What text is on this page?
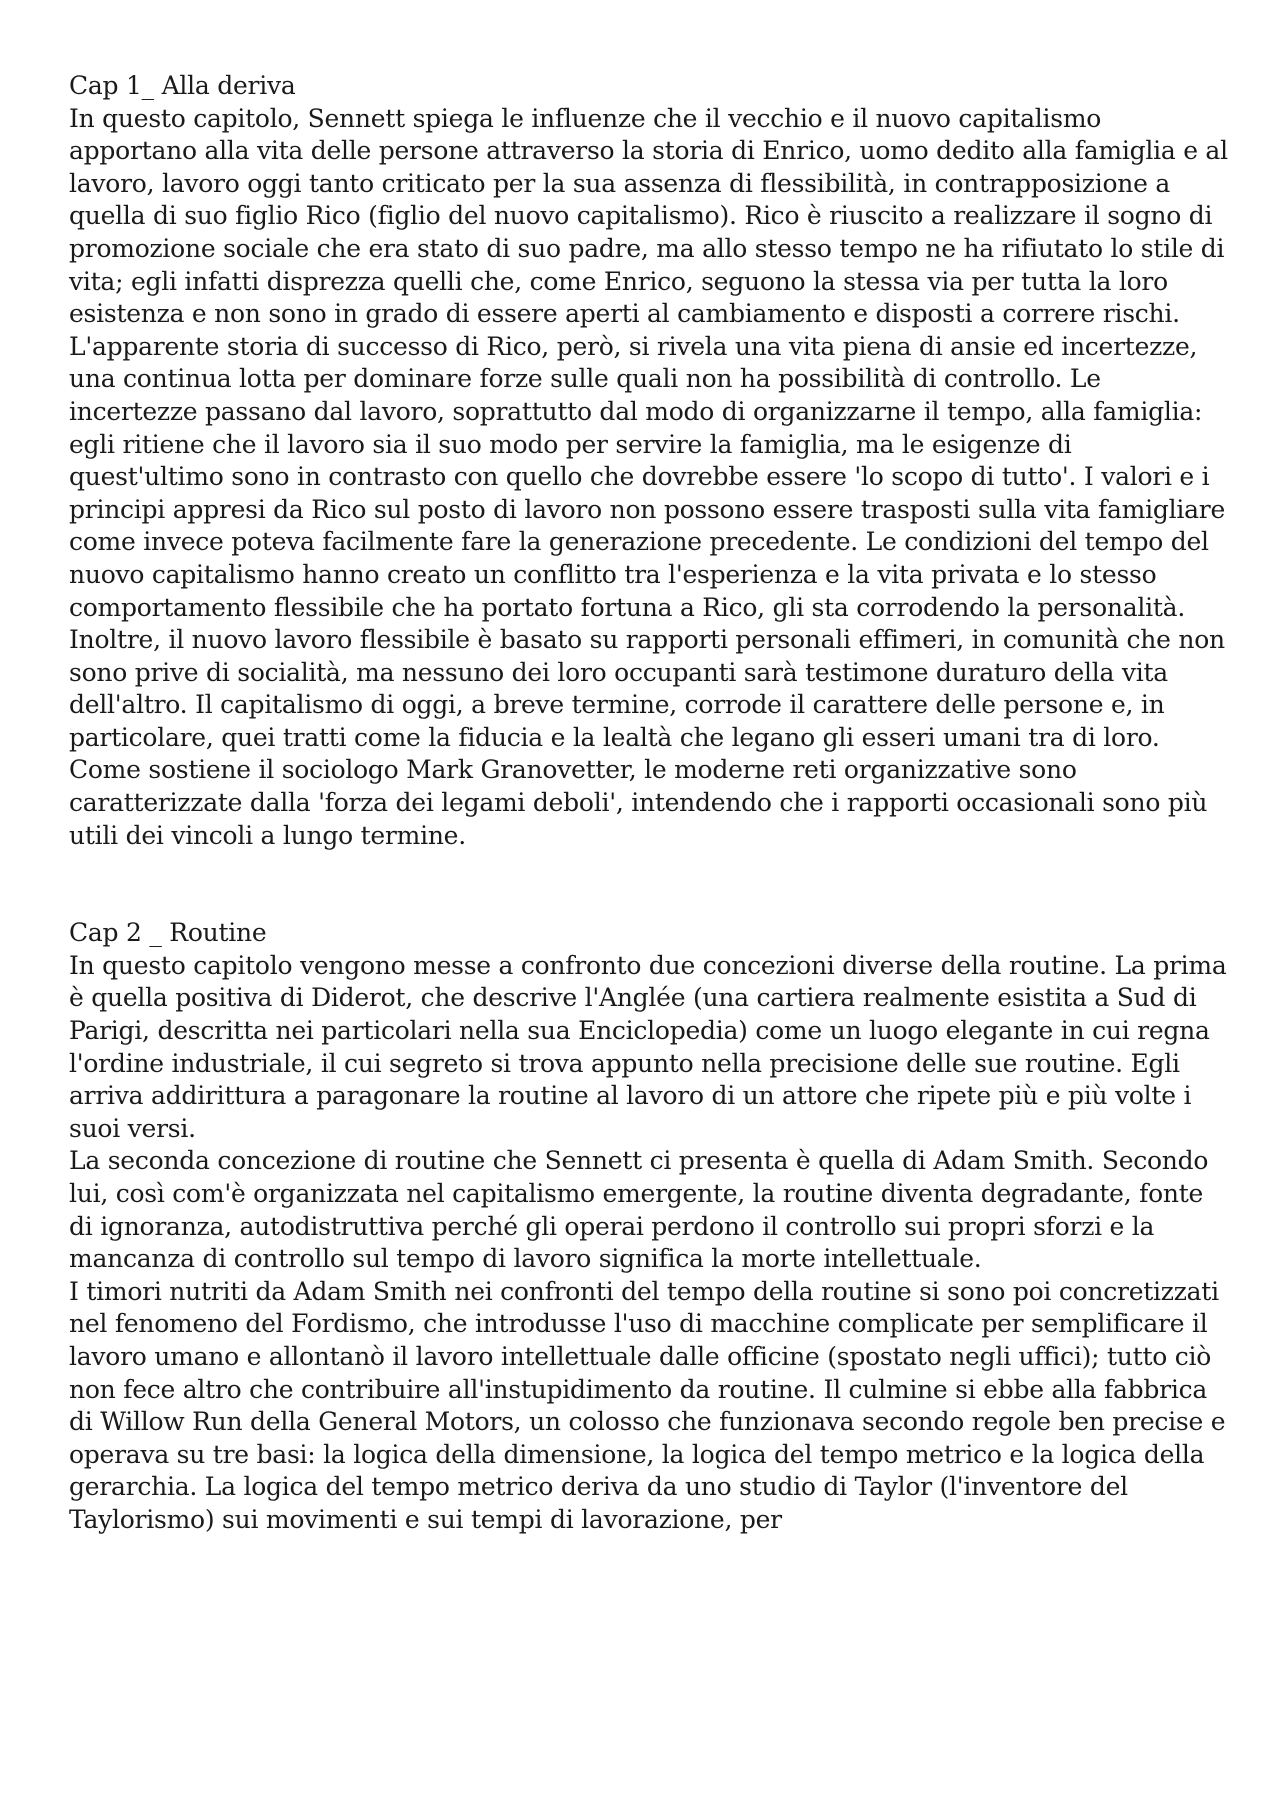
Cap 1_ Alla deriva
In questo capitolo, Sennett spiega le influenze che il vecchio e il nuovo capitalismo apportano alla vita delle persone attraverso la storia di Enrico, uomo dedito alla famiglia e al lavoro, lavoro oggi tanto criticato per la sua assenza di flessibilità, in contrapposizione a quella di suo figlio Rico (figlio del nuovo capitalismo). Rico è riuscito a realizzare il sogno di promozione sociale che era stato di suo padre, ma allo stesso tempo ne ha rifiutato lo stile di vita; egli infatti disprezza quelli che, come Enrico, seguono la stessa via per tutta la loro esistenza e non sono in grado di essere aperti al cambiamento e disposti a correre rischi. L'apparente storia di successo di Rico, però, si rivela una vita piena di ansie ed incertezze, una continua lotta per dominare forze sulle quali non ha possibilità di controllo. Le incertezze passano dal lavoro, soprattutto dal modo di organizzarne il tempo, alla famiglia: egli ritiene che il lavoro sia il suo modo per servire la famiglia, ma le esigenze di quest'ultimo sono in contrasto con quello che dovrebbe essere 'lo scopo di tutto'. I valori e i principi appresi da Rico sul posto di lavoro non possono essere trasposti sulla vita famigliare come invece poteva facilmente fare la generazione precedente. Le condizioni del tempo del nuovo capitalismo hanno creato un conflitto tra l'esperienza e la vita privata e lo stesso comportamento flessibile che ha portato fortuna a Rico, gli sta corrodendo la personalità. Inoltre, il nuovo lavoro flessibile è basato su rapporti personali effimeri, in comunità che non sono prive di socialità, ma nessuno dei loro occupanti sarà testimone duraturo della vita dell'altro. Il capitalismo di oggi, a breve termine, corrode il carattere delle persone e, in particolare, quei tratti come la fiducia e la lealtà che legano gli esseri umani tra di loro. Come sostiene il sociologo Mark Granovetter, le moderne reti organizzative sono caratterizzate dalla 'forza dei legami deboli', intendendo che i rapporti occasionali sono più utili dei vincoli a lungo termine.
Cap 2 _ Routine
In questo capitolo vengono messe a confronto due concezioni diverse della routine. La prima è quella positiva di Diderot, che descrive l'Anglée (una cartiera realmente esistita a Sud di Parigi, descritta nei particolari nella sua Enciclopedia) come un luogo elegante in cui regna l'ordine industriale, il cui segreto si trova appunto nella precisione delle sue routine. Egli arriva addirittura a paragonare la routine al lavoro di un attore che ripete più e più volte i suoi versi.
La seconda concezione di routine che Sennett ci presenta è quella di Adam Smith. Secondo lui, così com'è organizzata nel capitalismo emergente, la routine diventa degradante, fonte di ignoranza, autodistruttiva perché gli operai perdono il controllo sui propri sforzi e la mancanza di controllo sul tempo di lavoro significa la morte intellettuale.
I timori nutriti da Adam Smith nei confronti del tempo della routine si sono poi concretizzati nel fenomeno del Fordismo, che introdusse l'uso di macchine complicate per semplificare il lavoro umano e allontanò il lavoro intellettuale dalle officine (spostato negli uffici); tutto ciò non fece altro che contribuire all'instupidimento da routine. Il culmine si ebbe alla fabbrica di Willow Run della General Motors, un colosso che funzionava secondo regole ben precise e operava su tre basi: la logica della dimensione, la logica del tempo metrico e la logica della gerarchia. La logica del tempo metrico deriva da uno studio di Taylor (l'inventore del Taylorismo) sui movimenti e sui tempi di lavorazione, per
